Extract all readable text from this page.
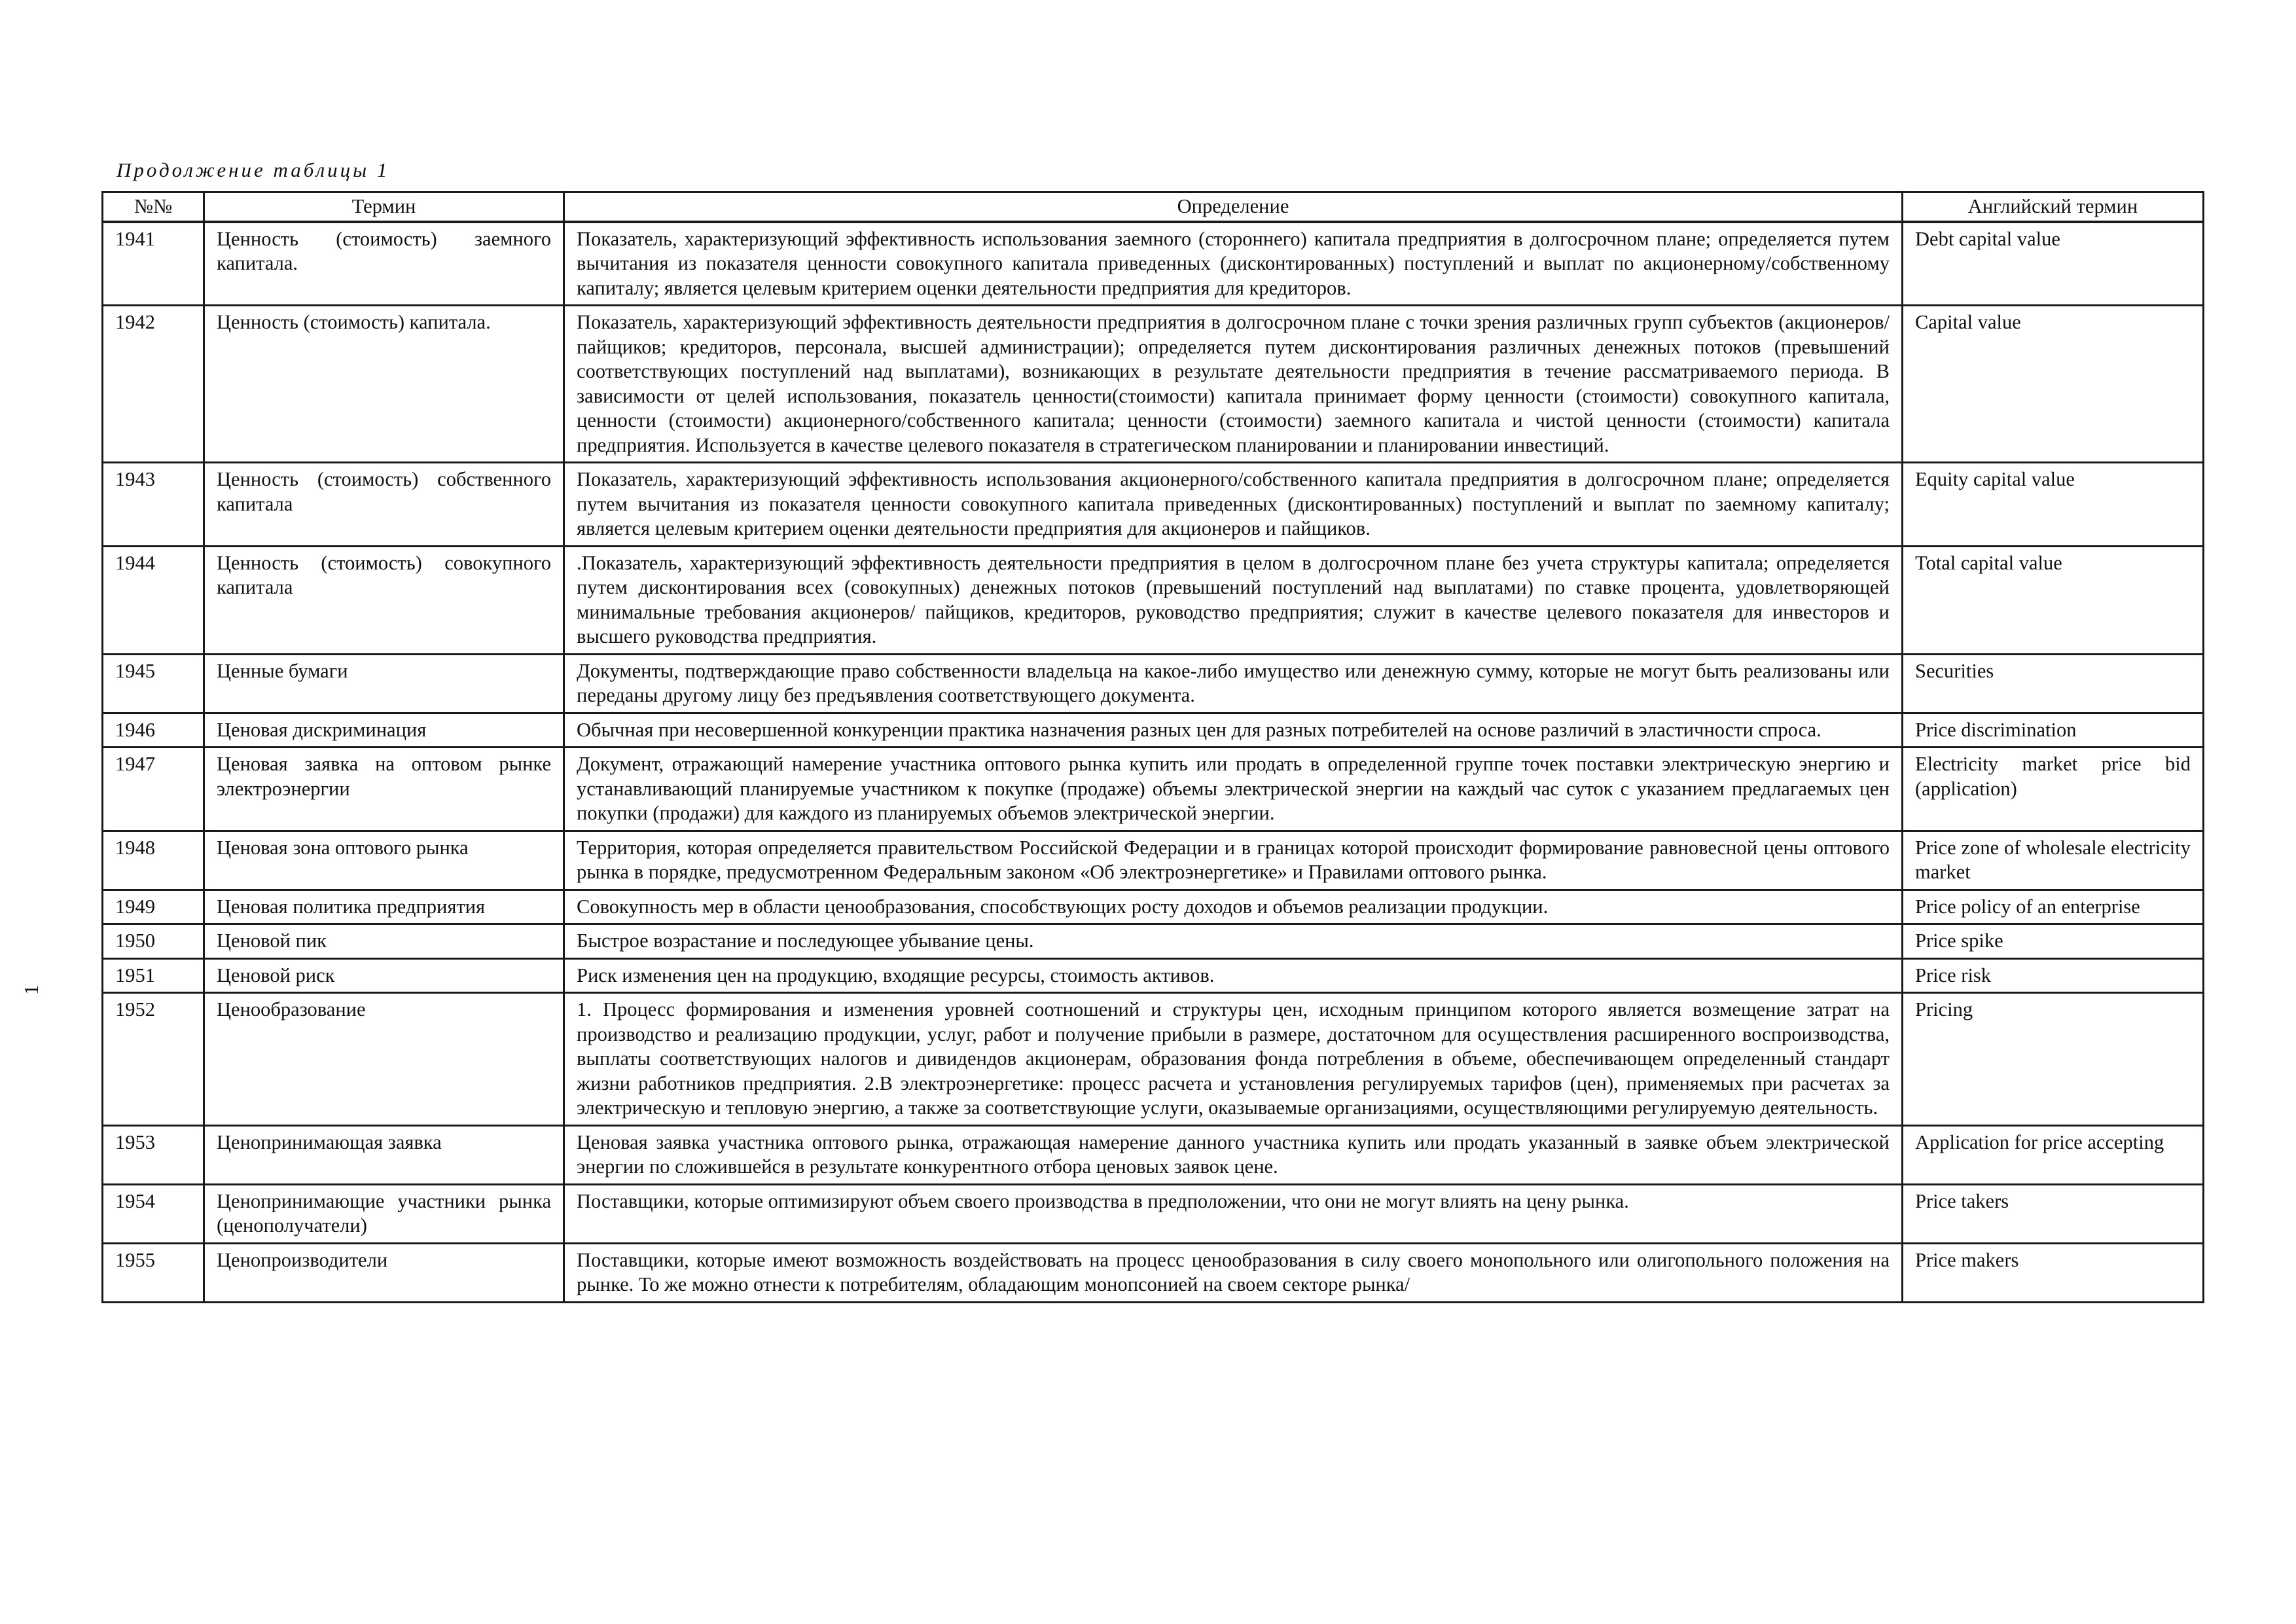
Продолжение таблицы 1
1
№№	Термин	Определение	Английский термин
1941	Ценность (стоимость) заемного капитала.	Показатель, характеризующий эффективность использования заемного (стороннего) капитала предприятия в долгосрочном плане; определяется путем вычитания из показателя ценности совокупного капитала приведенных (дисконтированных) поступлений и выплат по акционерному/собственному капиталу; является целевым критерием оценки деятельности предприятия для кредиторов.	Debt capital value
1942	Ценность (стоимость) капитала.	Показатель, характеризующий эффективность деятельности предприятия в долгосрочном плане с точки зрения различных групп субъектов (акционеров/пайщиков; кредиторов, персонала, высшей администрации); определяется путем дисконтирования различных денежных потоков (превышений соответствующих поступлений над выплатами), возникающих в результате деятельности предприятия в течение рассматриваемого периода. В зависимости от целей использования, показатель ценности(стоимости) капитала принимает форму ценности (стоимости) совокупного капитала, ценности (стоимости) акционерного/собственного капитала; ценности (стоимости) заемного капитала и чистой ценности (стоимости) капитала предприятия. Используется в качестве целевого показателя в стратегическом планировании и планировании инвестиций.	Capital value
1943	Ценность (стоимость) собственного капитала	Показатель, характеризующий эффективность использования акционерного/собственного капитала предприятия в долгосрочном плане; определяется путем вычитания из показателя ценности совокупного капитала приведенных (дисконтированных) поступлений и выплат по заемному капиталу; является целевым критерием оценки деятельности предприятия для акционеров и пайщиков.	Equity capital value
1944	Ценность (стоимость) совокупного капитала	.Показатель, характеризующий эффективность деятельности предприятия в целом в долгосрочном плане без учета структуры капитала; определяется путем дисконтирования всех (совокупных) денежных потоков (превышений поступлений над выплатами) по ставке процента, удовлетворяющей минимальные требования акционеров/ пайщиков, кредиторов, руководство предприятия; служит в качестве целевого показателя для инвесторов и высшего руководства предприятия.	Total capital value
1945	Ценные бумаги	Документы, подтверждающие право собственности владельца на какое-либо имущество или денежную сумму, которые не могут быть реализованы или переданы другому лицу без предъявления соответствующего документа.	Securities
1946	Ценовая дискриминация	Обычная при несовершенной конкуренции практика назначения разных цен для разных потребителей на основе различий в эластичности спроса.	Price discrimination
1947	Ценовая заявка на оптовом рынке электроэнергии	Документ, отражающий намерение участника оптового рынка купить или продать в определенной группе точек поставки электрическую энергию и устанавливающий планируемые участником к покупке (продаже) объемы электрической энергии на каждый час суток с указанием предлагаемых цен покупки (продажи) для каждого из планируемых объемов электрической энергии.	Electricity market price bid (application)
1948	Ценовая зона оптового рынка	Территория, которая определяется правительством Российской Федерации и в границах которой происходит формирование равновесной цены оптового рынка в порядке, предусмотренном Федеральным законом «Об электроэнергетике» и Правилами оптового рынка.	Price zone of wholesale electricity market
1949	Ценовая политика предприятия	Совокупность мер в области ценообразования, способствующих росту доходов и объемов реализации продукции.	Price policy of an enterprise
1950	Ценовой пик	Быстрое возрастание и последующее убывание цены.	Price spike
1951	Ценовой риск	Риск изменения цен на продукцию, входящие ресурсы, стоимость активов.	Price risk
1952	Ценообразование	1. Процесс формирования и изменения уровней соотношений и структуры цен, исходным принципом которого является возмещение затрат на производство и реализацию продукции, услуг, работ и получение прибыли в размере, достаточном для осуществления расширенного воспроизводства, выплаты соответствующих налогов и дивидендов акционерам, образования фонда потребления в объеме, обеспечивающем определенный стандарт жизни работников предприятия. 2.В электроэнергетике: процесс расчета и установления регулируемых тарифов (цен), применяемых при расчетах за электрическую и тепловую энергию, а также за соответствующие услуги, оказываемые организациями, осуществляющими регулируемую деятельность.	Pricing
1953	Ценопринимающая заявка	Ценовая заявка участника оптового рынка, отражающая намерение данного участника купить или продать указанный в заявке объем электрической энергии по сложившейся в результате конкурентного отбора ценовых заявок цене.	Application for price accepting
1954	Ценопринимающие участники рынка (ценополучатели)	Поставщики, которые оптимизируют объем своего производства в предположении, что они не могут влиять на цену рынка.	Price takers
1955	Ценопроизводители	Поставщики, которые имеют возможность воздействовать на процесс ценообразования в силу своего монопольного или олигопольного положения на рынке. То же можно отнести к потребителям, обладающим монопсонией на своем секторе рынка/	Price makers
